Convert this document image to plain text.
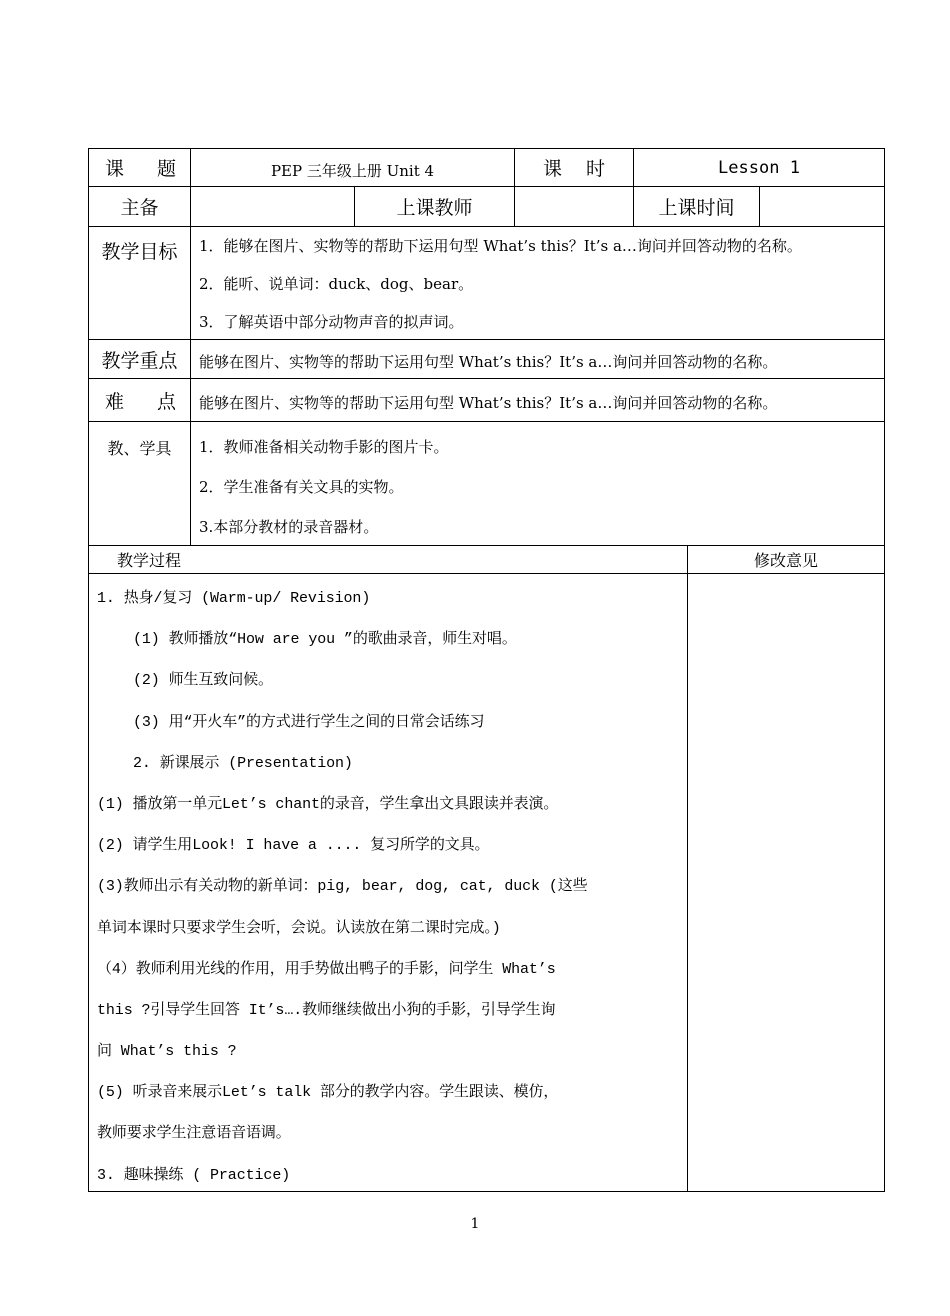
课 题	PEP 三年级上册 Unit 4	课 时	Lesson 1
主备	上课教师	上课时间
教学目标	1．能够在图片、实物等的帮助下运用句型 What’s this？It’s a…询问并回答动物的名称。
2．能听、说单词：duck、dog、bear。
3．了解英语中部分动物声音的拟声词。
教学重点	能够在图片、实物等的帮助下运用句型 What’s this？It’s a…询问并回答动物的名称。
难 点	能够在图片、实物等的帮助下运用句型 What’s this？It’s a…询问并回答动物的名称。
教、学具	1．教师准备相关动物手影的图片卡。
2．学生准备有关文具的实物。
3.本部分教材的录音器材。
教学过程	修改意见
1. 热身/复习 (Warm-up/ Revision)
(1) 教师播放“How are you ”的歌曲录音，师生对唱。
(2) 师生互致问候。
(3) 用“开火车”的方式进行学生之间的日常会话练习
2. 新课展示 (Presentation)
(1) 播放第一单元Let’s chant的录音，学生拿出文具跟读并表演。
(2) 请学生用Look! I have a .... 复习所学的文具。
(3)教师出示有关动物的新单词：pig, bear, dog, cat, duck (这些
单词本课时只要求学生会听，会说。认读放在第二课时完成。)
（4）教师利用光线的作用，用手势做出鸭子的手影，问学生 What’s
this ?引导学生回答 It’s….教师继续做出小狗的手影，引导学生询
问 What’s this ?
(5) 听录音来展示Let’s talk 部分的教学内容。学生跟读、模仿，
教师要求学生注意语音语调。
3. 趣味操练 ( Practice)
1
